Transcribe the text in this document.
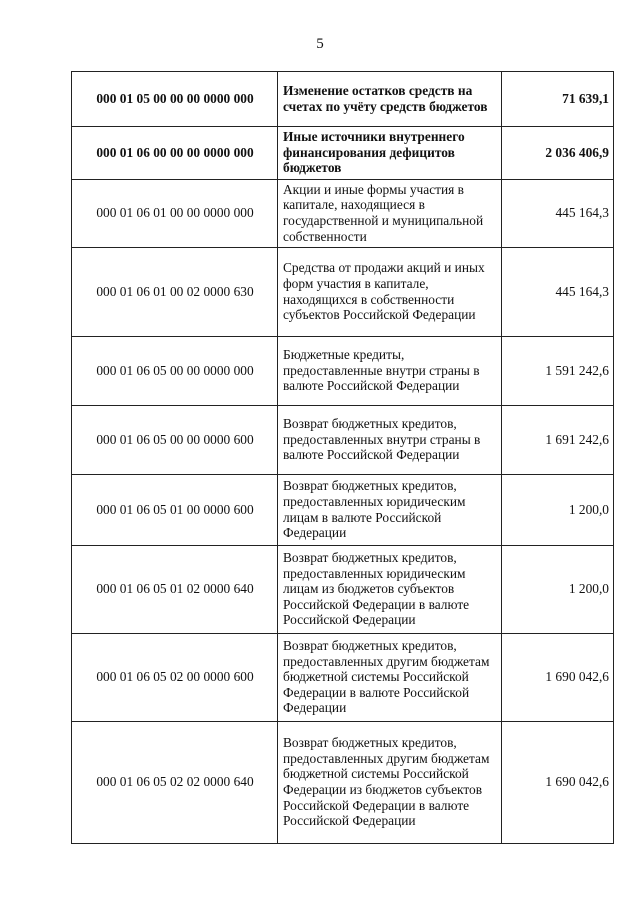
5
000 01 05 00 00 00 0000 000	Изменение остатков средств на счетах по учёту средств бюджетов	71 639,1
000 01 06 00 00 00 0000 000	Иные источники внутреннего финансирования дефицитов бюджетов	2 036 406,9
000 01 06 01 00 00 0000 000	Акции и иные формы участия в капитале, находящиеся в государственной и муниципальной собственности	445 164,3
000 01 06 01 00 02 0000 630	Средства от продажи акций и иных форм участия в капитале, находящихся в собственности субъектов Российской Федерации	445 164,3
000 01 06 05 00 00 0000 000	Бюджетные кредиты, предоставленные внутри страны в валюте Российской Федерации	1 591 242,6
000 01 06 05 00 00 0000 600	Возврат бюджетных кредитов, предоставленных внутри страны в валюте Российской Федерации	1 691 242,6
000 01 06 05 01 00 0000 600	Возврат бюджетных кредитов, предоставленных юридическим лицам в валюте Российской Федерации	1 200,0
000 01 06 05 01 02 0000 640	Возврат бюджетных кредитов, предоставленных юридическим лицам из бюджетов субъектов Российской Федерации в валюте Российской Федерации	1 200,0
000 01 06 05 02 00 0000 600	Возврат бюджетных кредитов, предоставленных другим бюджетам бюджетной системы Российской Федерации в валюте Российской Федерации	1 690 042,6
000 01 06 05 02 02 0000 640	Возврат бюджетных кредитов, предоставленных другим бюджетам бюджетной системы Российской Федерации из бюджетов субъектов Российской Федерации в валюте Российской Федерации	1 690 042,6
